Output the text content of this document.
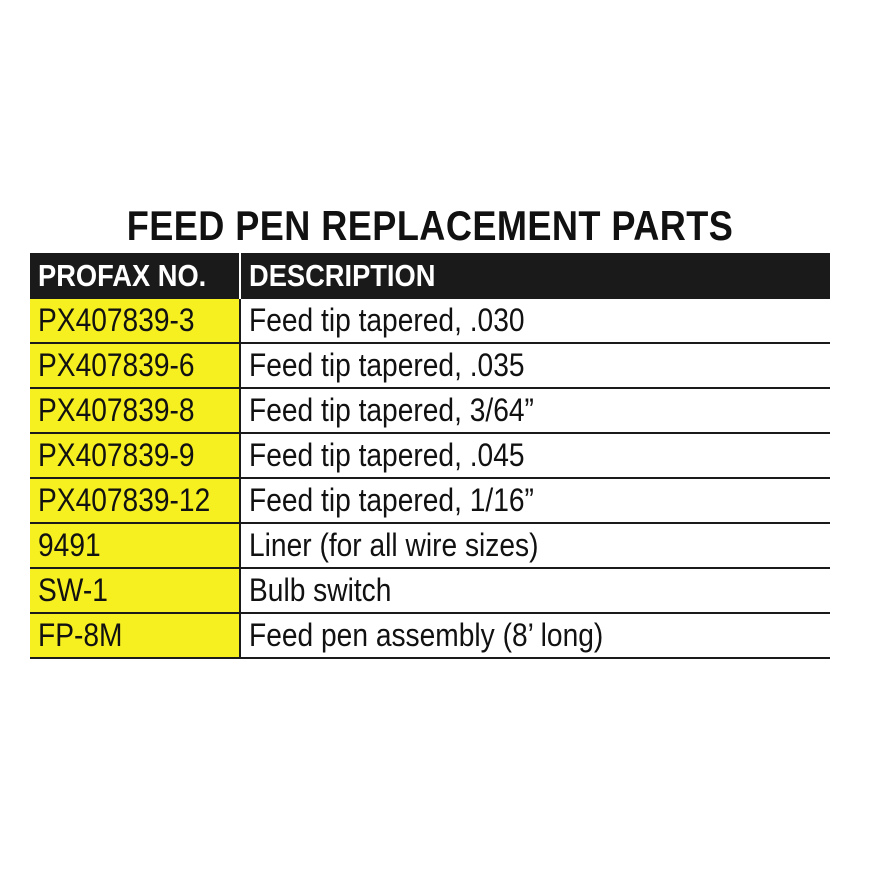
FEED PEN REPLACEMENT PARTS
PROFAX NO. DESCRIPTION
PX407839-3 Feed tip tapered, .030
PX407839-6 Feed tip tapered, .035
PX407839-8 Feed tip tapered, 3/64”
PX407839-9 Feed tip tapered, .045
PX407839-12 Feed tip tapered, 1/16”
9491	Liner (for all wire sizes)
SW-1	Bulb switch
FP-8M	Feed pen assembly (8’ long)
